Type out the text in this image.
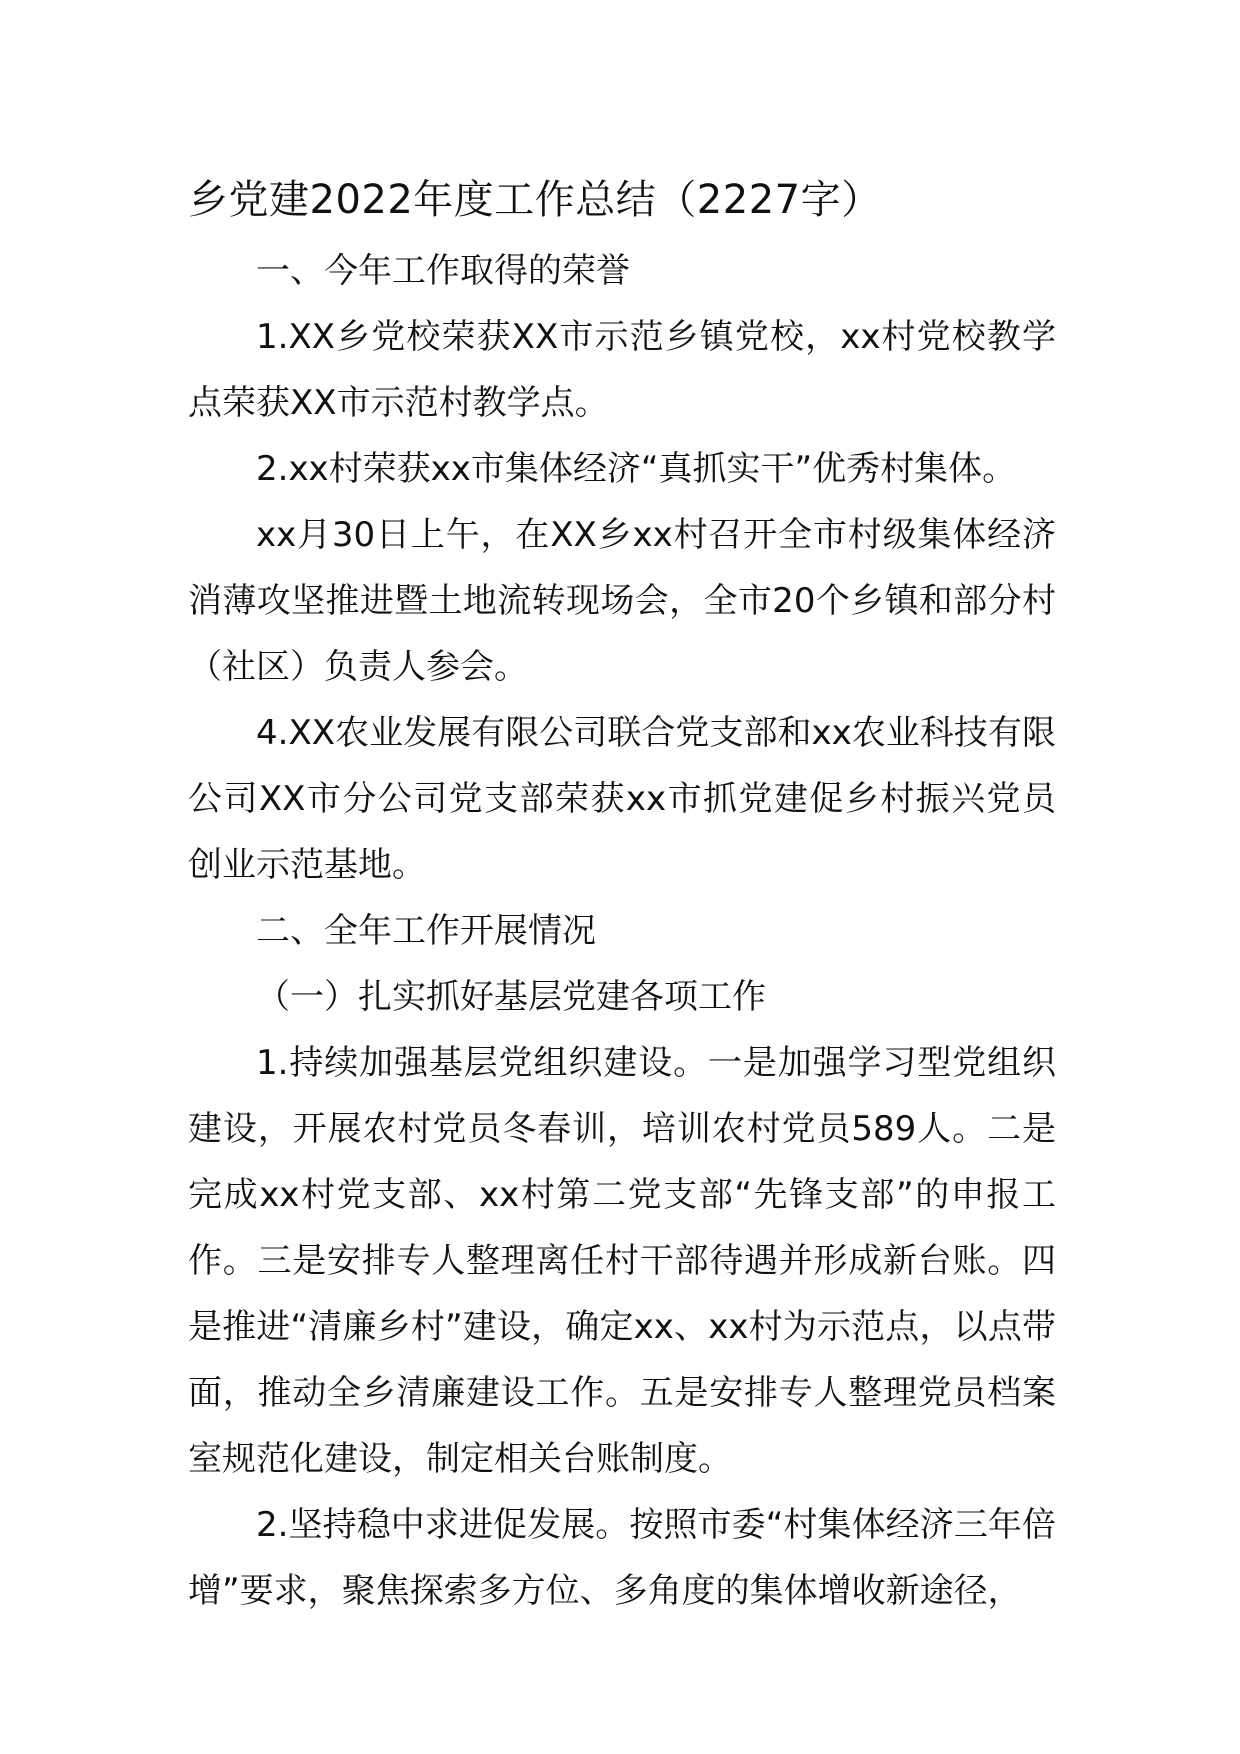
乡党建2022年度工作总结（2227字）

一、今年工作取得的荣誉

1.XX乡党校荣获XX市示范乡镇党校，xx村党校教学点荣获XX市示范村教学点。

2.xx村荣获xx市集体经济“真抓实干”优秀村集体。

xx月30日上午，在XX乡xx村召开全市村级集体经济消薄攻坚推进暨土地流转现场会，全市20个乡镇和部分村（社区）负责人参会。

4.XX农业发展有限公司联合党支部和xx农业科技有限公司XX市分公司党支部荣获xx市抓党建促乡村振兴党员创业示范基地。

二、全年工作开展情况

（一）扎实抓好基层党建各项工作

1.持续加强基层党组织建设。一是加强学习型党组织建设，开展农村党员冬春训，培训农村党员589人。二是完成xx村党支部、xx村第二党支部“先锋支部”的申报工作。三是安排专人整理离任村干部待遇并形成新台账。四是推进“清廉乡村”建设，确定xx、xx村为示范点，以点带面，推动全乡清廉建设工作。五是安排专人整理党员档案室规范化建设，制定相关台账制度。

2.坚持稳中求进促发展。按照市委“村集体经济三年倍增”要求，聚焦探索多方位、多角度的集体增收新途径，
